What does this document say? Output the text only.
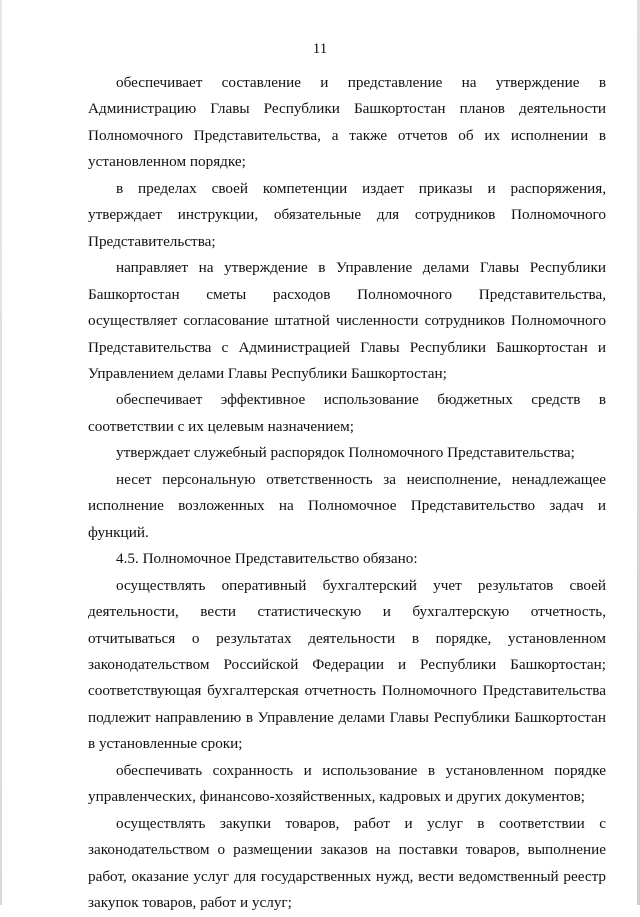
11

обеспечивает составление и представление на утверждение в Администрацию Главы Республики Башкортостан планов деятельности Полномочного Представительства, а также отчетов об их исполнении в установленном порядке;

в пределах своей компетенции издает приказы и распоряжения, утверждает инструкции, обязательные для сотрудников Полномочного Представительства;

направляет на утверждение в Управление делами Главы Республики Башкортостан сметы расходов Полномочного Представительства, осуществляет согласование штатной численности сотрудников Полномочного Представительства с Администрацией Главы Республики Башкортостан и Управлением делами Главы Республики Башкортостан;

обеспечивает эффективное использование бюджетных средств в соответствии с их целевым назначением;

утверждает служебный распорядок Полномочного Представительства;

несет персональную ответственность за неисполнение, ненадлежащее исполнение возложенных на Полномочное Представительство задач и функций.

4.5. Полномочное Представительство обязано:

осуществлять оперативный бухгалтерский учет результатов своей деятельности, вести статистическую и бухгалтерскую отчетность, отчитываться о результатах деятельности в порядке, установленном законодательством Российской Федерации и Республики Башкортостан; соответствующая бухгалтерская отчетность Полномочного Представительства подлежит направлению в Управление делами Главы Республики Башкортостан в установленные сроки;

обеспечивать сохранность и использование в установленном порядке управленческих, финансово-хозяйственных, кадровых и других документов;

осуществлять закупки товаров, работ и услуг в соответствии с законодательством о размещении заказов на поставки товаров, выполнение работ, оказание услуг для государственных нужд, вести ведомственный реестр закупок товаров, работ и услуг;
